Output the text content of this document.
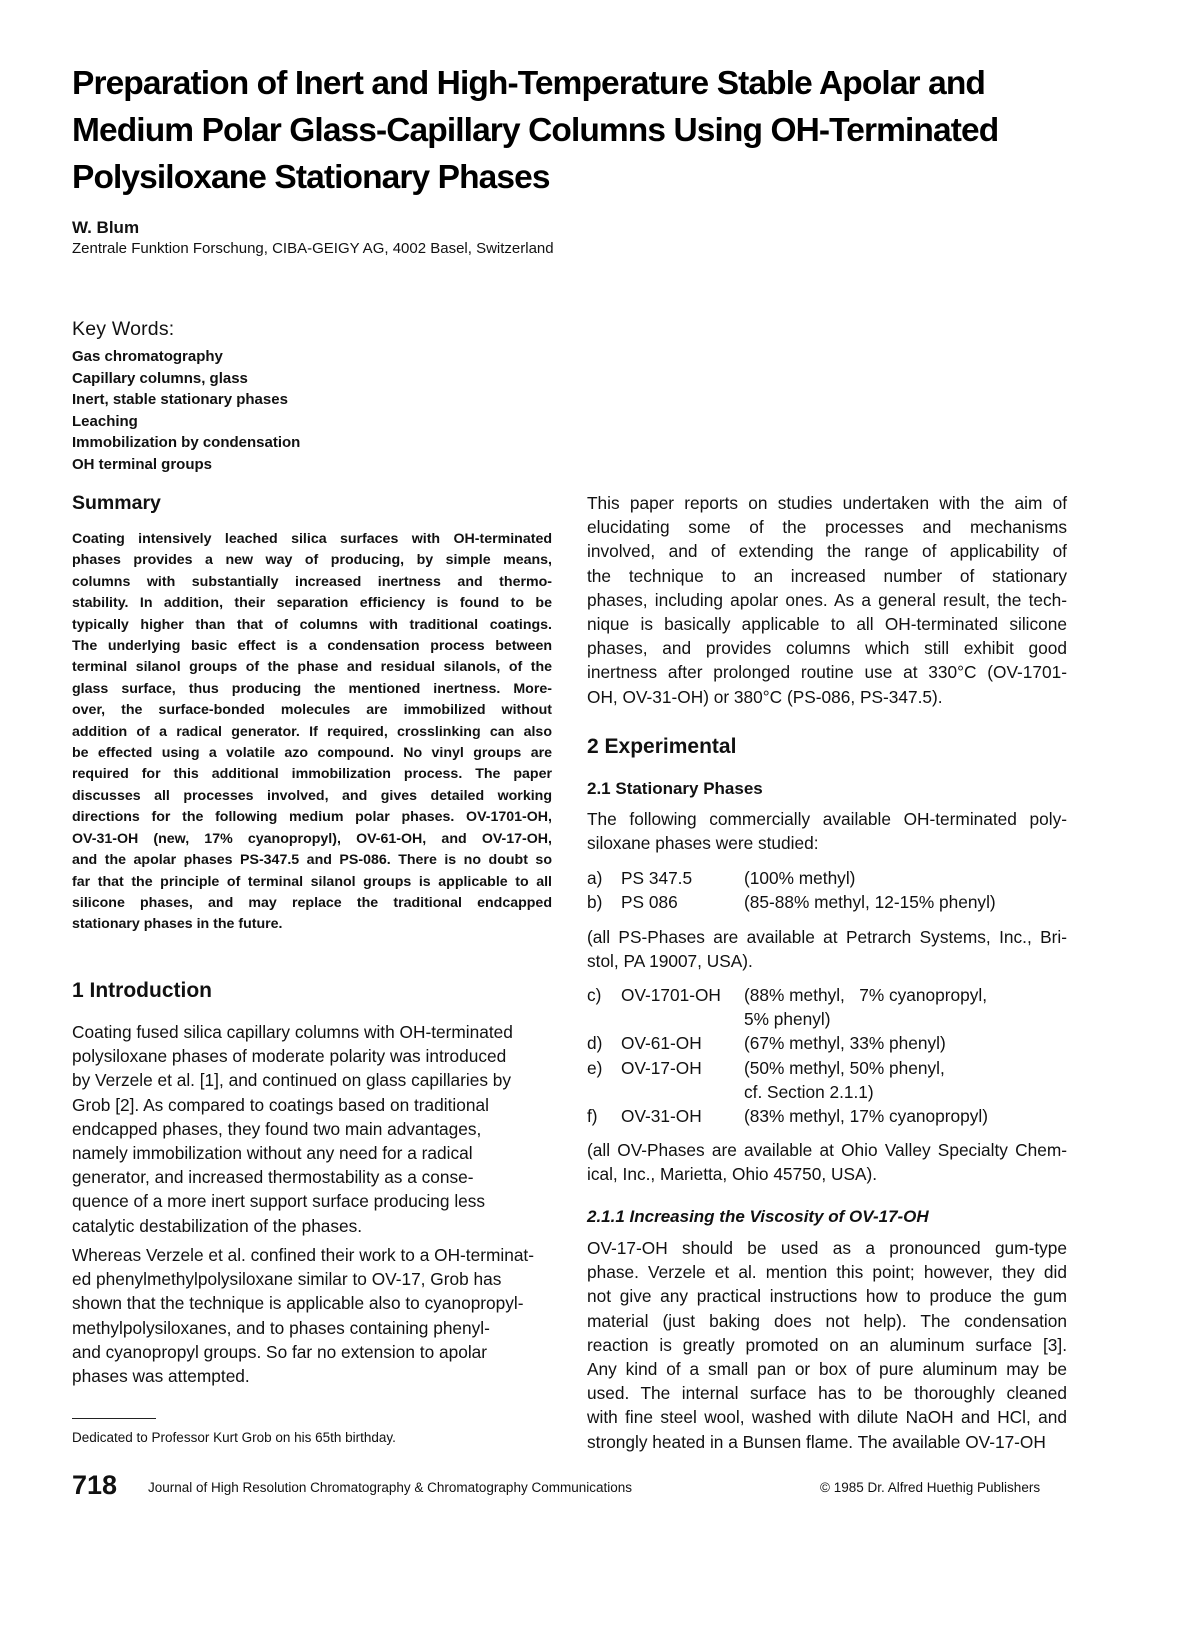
Preparation of Inert and High-Temperature Stable Apolar and
Medium Polar Glass-Capillary Columns Using OH-Terminated
Polysiloxane Stationary Phases
W. Blum
Zentrale Funktion Forschung, CIBA-GEIGY AG, 4002 Basel, Switzerland
Key Words:
Gas chromatography
Capillary columns, glass
Inert, stable stationary phases
Leaching
Immobilization by condensation
OH terminal groups
Summary
Coating intensively leached silica surfaces with OH-terminated
phases provides a new way of producing, by simple means,
columns with substantially increased inertness and thermo-
stability. In addition, their separation efficiency is found to be
typically higher than that of columns with traditional coatings.
The underlying basic effect is a condensation process between
terminal silanol groups of the phase and residual silanols, of the
glass surface, thus producing the mentioned inertness. More-
over, the surface-bonded molecules are immobilized without
addition of a radical generator. If required, crosslinking can also
be effected using a volatile azo compound. No vinyl groups are
required for this additional immobilization process. The paper
discusses all processes involved, and gives detailed working
directions for the following medium polar phases. OV-1701-OH,
OV-31-OH (new, 17% cyanopropyl), OV-61-OH, and OV-17-OH,
and the apolar phases PS-347.5 and PS-086. There is no doubt so
far that the principle of terminal silanol groups is applicable to all
silicone phases, and may replace the traditional endcapped
stationary phases in the future.
1 Introduction
Coating fused silica capillary columns with OH-terminated
polysiloxane phases of moderate polarity was introduced
by Verzele et al. [1], and continued on glass capillaries by
Grob [2]. As compared to coatings based on traditional
endcapped phases, they found two main advantages,
namely immobilization without any need for a radical
generator, and increased thermostability as a conse-
quence of a more inert support surface producing less
catalytic destabilization of the phases.
Whereas Verzele et al. confined their work to a OH-terminat-
ed phenylmethylpolysiloxane similar to OV-17, Grob has
shown that the technique is applicable also to cyanopropyl-
methylpolysiloxanes, and to phases containing phenyl-
and cyanopropyl groups. So far no extension to apolar
phases was attempted.
Dedicated to Professor Kurt Grob on his 65th birthday.
This paper reports on studies undertaken with the aim of
elucidating some of the processes and mechanisms
involved, and of extending the range of applicability of
the technique to an increased number of stationary
phases, including apolar ones. As a general result, the tech-
nique is basically applicable to all OH-terminated silicone
phases, and provides columns which still exhibit good
inertness after prolonged routine use at 330°C (OV-1701-
OH, OV-31-OH) or 380°C (PS-086, PS-347.5).
2 Experimental
2.1 Stationary Phases
The following commercially available OH-terminated poly-
siloxane phases were studied:
a)	PS 347.5	(100% methyl)
b)	PS 086	(85-88% methyl, 12-15% phenyl)
(all PS-Phases are available at Petrarch Systems, Inc., Bri-
stol, PA 19007, USA).
c)	OV-1701-OH	(88% methyl,   7% cyanopropyl,
5% phenyl)
d)	OV-61-OH	(67% methyl, 33% phenyl)
e)	OV-17-OH	(50% methyl, 50% phenyl,
cf. Section 2.1.1)
f)	OV-31-OH	(83% methyl, 17% cyanopropyl)
(all OV-Phases are available at Ohio Valley Specialty Chem-
ical, Inc., Marietta, Ohio 45750, USA).
2.1.1 Increasing the Viscosity of OV-17-OH
OV-17-OH should be used as a pronounced gum-type
phase. Verzele et al. mention this point; however, they did
not give any practical instructions how to produce the gum
material (just baking does not help). The condensation
reaction is greatly promoted on an aluminum surface [3].
Any kind of a small pan or box of pure aluminum may be
used. The internal surface has to be thoroughly cleaned
with fine steel wool, washed with dilute NaOH and HCl, and
strongly heated in a Bunsen flame. The available OV-17-OH
718 Journal of High Resolution Chromatography & Chromatography Communications	© 1985 Dr. Alfred Huethig Publishers
